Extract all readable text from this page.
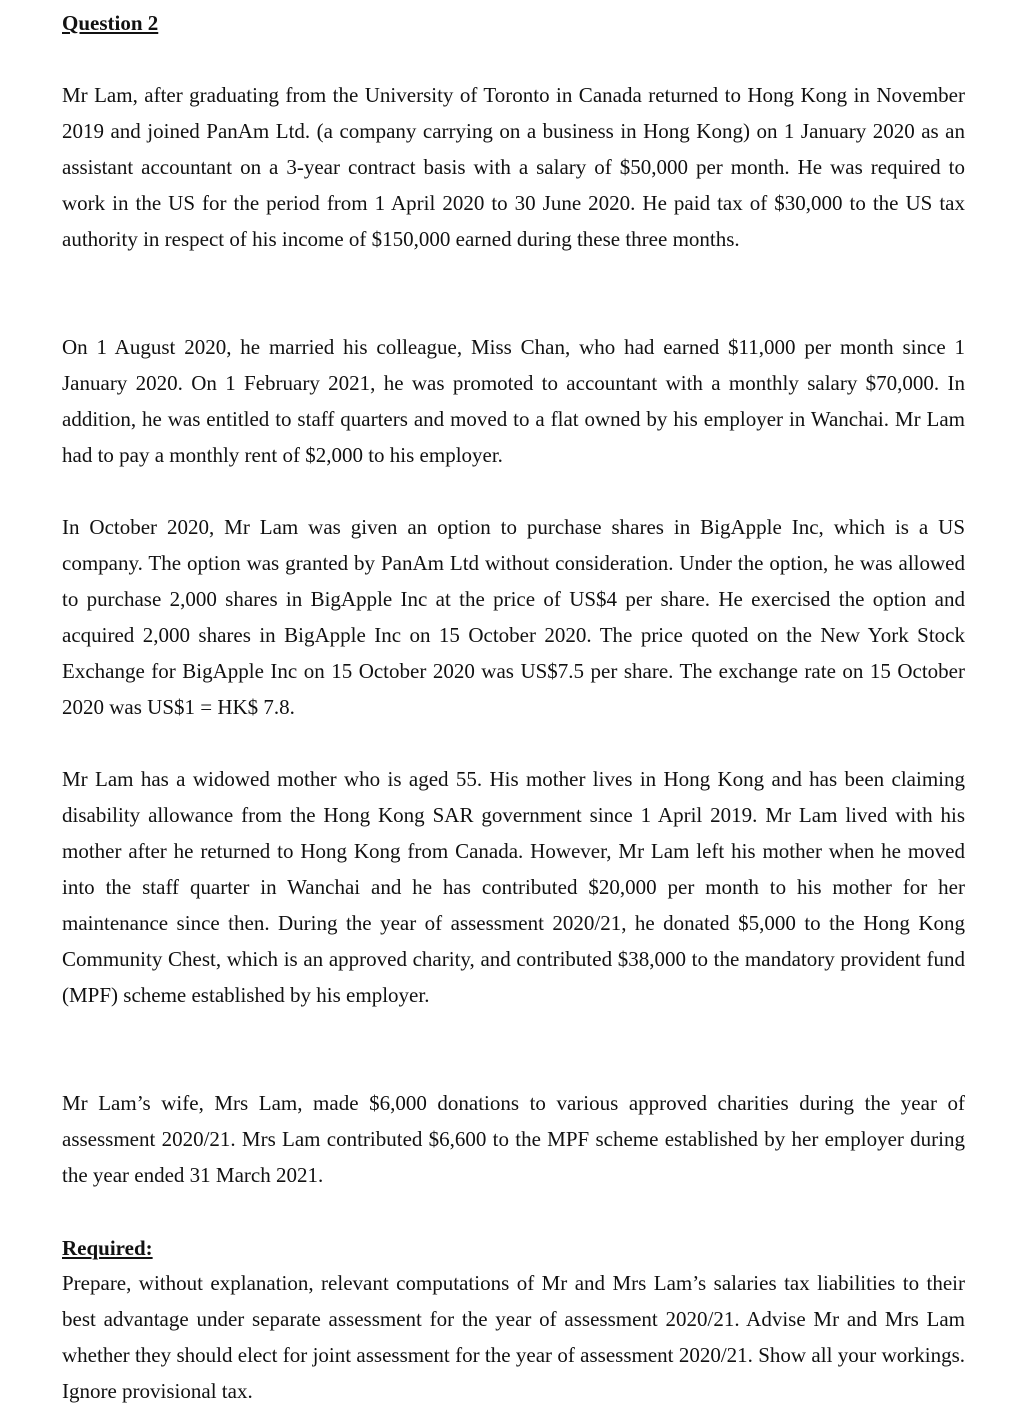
Question 2

Mr Lam, after graduating from the University of Toronto in Canada returned to Hong Kong in November 2019 and joined PanAm Ltd. (a company carrying on a business in Hong Kong) on 1 January 2020 as an assistant accountant on a 3-year contract basis with a salary of $50,000 per month. He was required to work in the US for the period from 1 April 2020 to 30 June 2020. He paid tax of $30,000 to the US tax authority in respect of his income of $150,000 earned during these three months.

On 1 August 2020, he married his colleague, Miss Chan, who had earned $11,000 per month since 1 January 2020. On 1 February 2021, he was promoted to accountant with a monthly salary $70,000. In addition, he was entitled to staff quarters and moved to a flat owned by his employer in Wanchai. Mr Lam had to pay a monthly rent of $2,000 to his employer.

In October 2020, Mr Lam was given an option to purchase shares in BigApple Inc, which is a US company. The option was granted by PanAm Ltd without consideration. Under the option, he was allowed to purchase 2,000 shares in BigApple Inc at the price of US$4 per share. He exercised the option and acquired 2,000 shares in BigApple Inc on 15 October 2020. The price quoted on the New York Stock Exchange for BigApple Inc on 15 October 2020 was US$7.5 per share. The exchange rate on 15 October 2020 was US$1 = HK$ 7.8.

Mr Lam has a widowed mother who is aged 55. His mother lives in Hong Kong and has been claiming disability allowance from the Hong Kong SAR government since 1 April 2019. Mr Lam lived with his mother after he returned to Hong Kong from Canada. However, Mr Lam left his mother when he moved into the staff quarter in Wanchai and he has contributed $20,000 per month to his mother for her maintenance since then. During the year of assessment 2020/21, he donated $5,000 to the Hong Kong Community Chest, which is an approved charity, and contributed $38,000 to the mandatory provident fund (MPF) scheme established by his employer.

Mr Lam’s wife, Mrs Lam, made $6,000 donations to various approved charities during the year of assessment 2020/21. Mrs Lam contributed $6,600 to the MPF scheme established by her employer during the year ended 31 March 2021.

Required:

Prepare, without explanation, relevant computations of Mr and Mrs Lam’s salaries tax liabilities to their best advantage under separate assessment for the year of assessment 2020/21. Advise Mr and Mrs Lam whether they should elect for joint assessment for the year of assessment 2020/21. Show all your workings. Ignore provisional tax.
